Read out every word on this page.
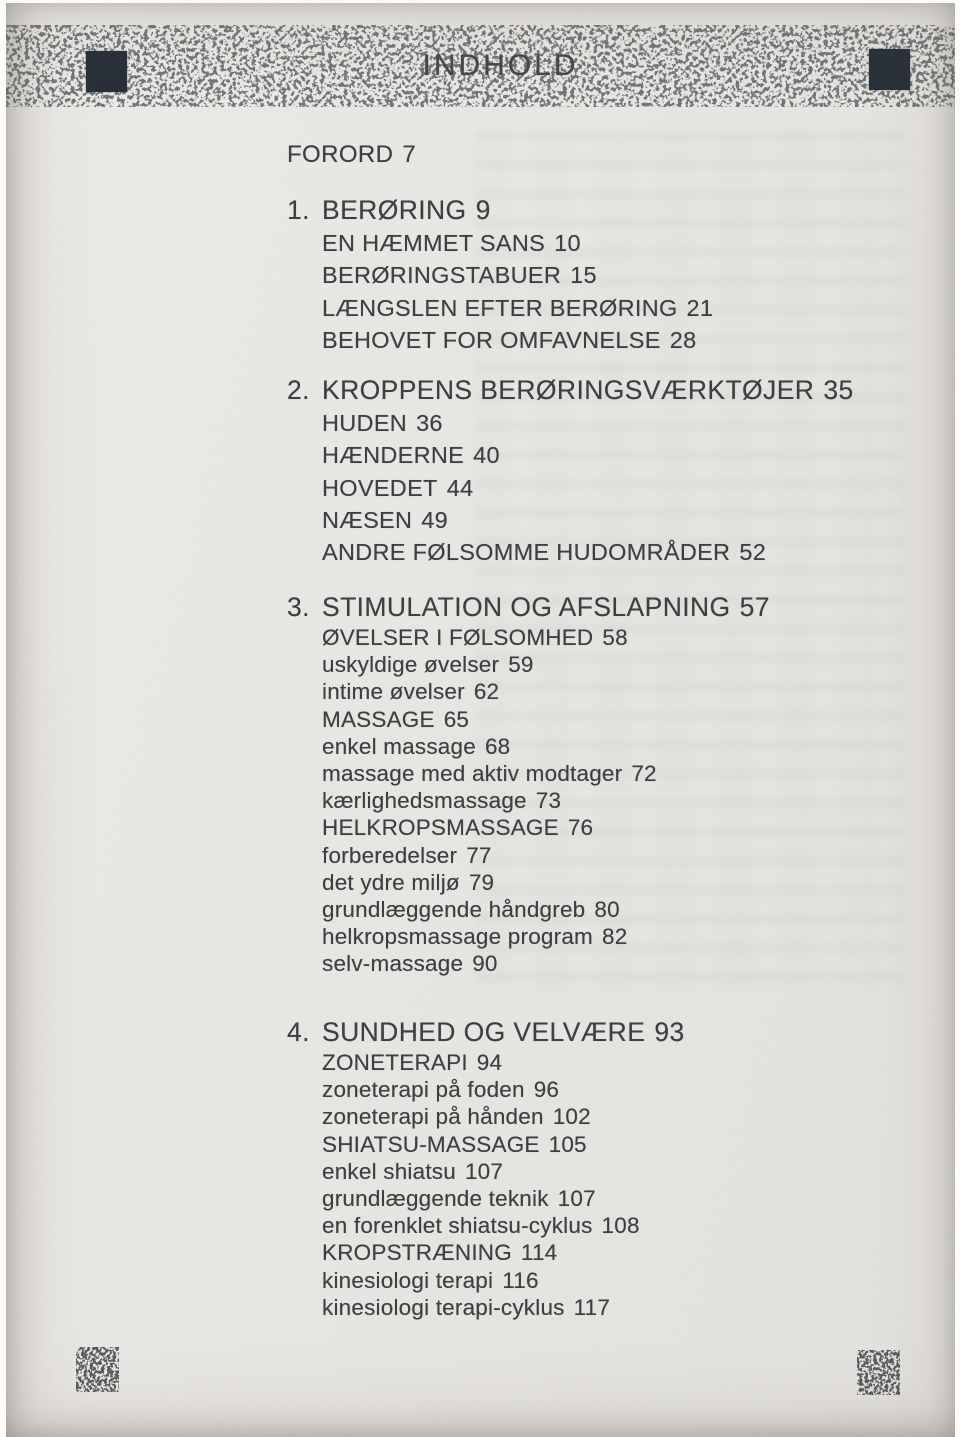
INDHOLD
FORORD 7
1. BERØRING 9
EN HÆMMET SANS 10
BERØRINGSTABUER 15
LÆNGSLEN EFTER BERØRING 21
BEHOVET FOR OMFAVNELSE 28
2. KROPPENS BERØRINGSVÆRKTØJER 35
HUDEN 36
HÆNDERNE 40
HOVEDET 44
NÆSEN 49
ANDRE FØLSOMME HUDOMRÅDER 52
3. STIMULATION OG AFSLAPNING 57
ØVELSER I FØLSOMHED 58
uskyldige øvelser 59
intime øvelser 62
MASSAGE 65
enkel massage 68
massage med aktiv modtager 72
kærlighedsmassage 73
HELKROPSMASSAGE 76
forberedelser 77
det ydre miljø 79
grundlæggende håndgreb 80
helkropsmassage program 82
selv-massage 90
4. SUNDHED OG VELVÆRE 93
ZONETERAPI 94
zoneterapi på foden 96
zoneterapi på hånden 102
SHIATSU-MASSAGE 105
enkel shiatsu 107
grundlæggende teknik 107
en forenklet shiatsu-cyklus 108
KROPSTRÆNING 114
kinesiologi terapi 116
kinesiologi terapi-cyklus 117
